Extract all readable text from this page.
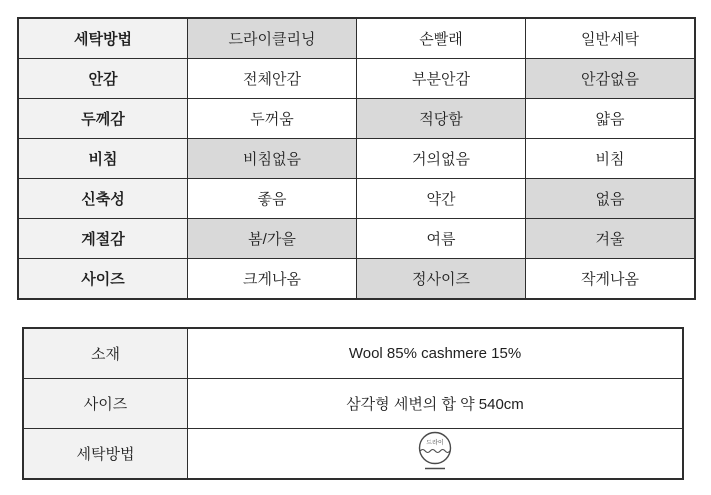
세탁방법	드라이클리닝	손빨래	일반세탁
안감	전체안감	부분안감	안감없음
두께감	두꺼움	적당함	얇음
비침	비침없음	거의없음	비침
신축성	좋음	약간	없음
계절감	봄/가을	여름	겨울
사이즈	크게나옴	정사이즈	작게나옴
소재	Wool 85% cashmere 15%
사이즈	삼각형 세변의 합 약 540cm
세탁방법	드라이
